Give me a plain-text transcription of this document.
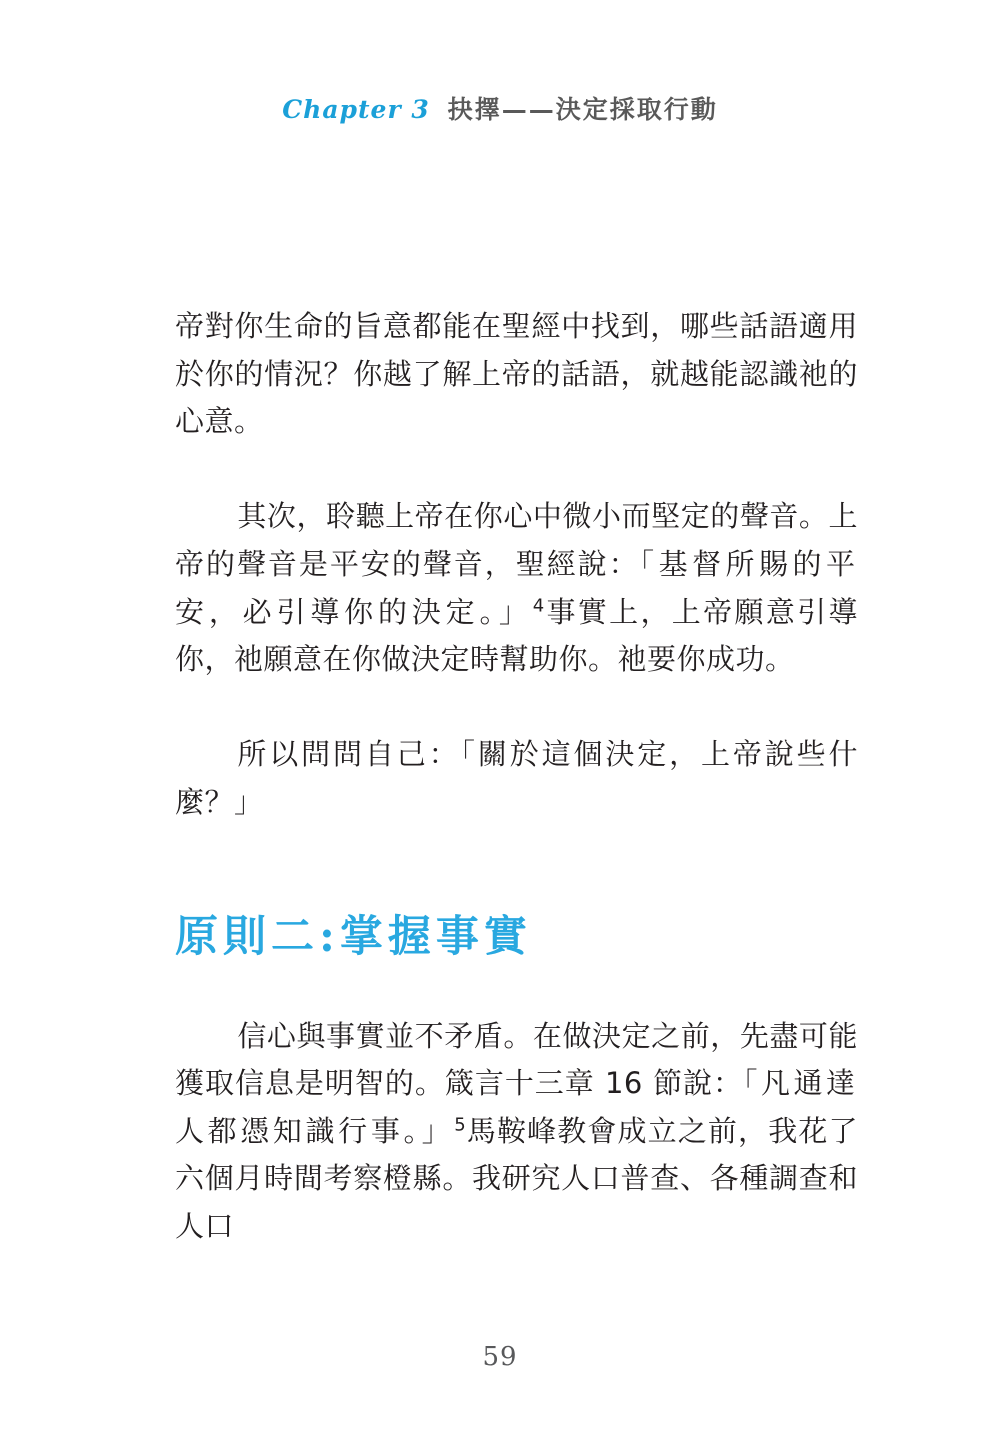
Chapter 3 抉擇——決定採取行動

帝對你生命的旨意都能在聖經中找到，哪些話語適用於你的情況？你越了解上帝的話語，就越能認識祂的心意。

其次，聆聽上帝在你心中微小而堅定的聲音。上帝的聲音是平安的聲音，聖經說：「基督所賜的平安，必引導你的決定。」$^4$事實上，上帝願意引導你，祂願意在你做決定時幫助你。祂要你成功。

所以問問自己：「關於這個決定，上帝說些什麼？」

原則二:掌握事實

信心與事實並不矛盾。在做決定之前，先盡可能獲取信息是明智的。箴言十三章 16 節說：「凡通達人都憑知識行事。」$^5$馬鞍峰教會成立之前，我花了六個月時間考察橙縣。我研究人口普查、各種調查和人口

59
